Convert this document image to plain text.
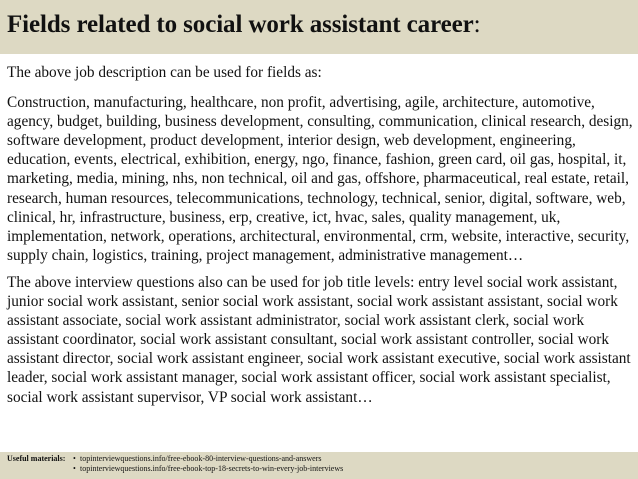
Fields related to social work assistant career:

The above job description can be used for fields as:

Construction, manufacturing, healthcare, non profit, advertising, agile, architecture, automotive, agency, budget, building, business development, consulting, communication, clinical research, design, software development, product development, interior design, web development, engineering, education, events, electrical, exhibition, energy, ngo, finance, fashion, green card, oil gas, hospital, it, marketing, media, mining, nhs, non technical, oil and gas, offshore, pharmaceutical, real estate, retail, research, human resources, telecommunications, technology, technical, senior, digital, software, web, clinical, hr, infrastructure, business, erp, creative, ict, hvac, sales, quality management, uk, implementation, network, operations, architectural, environmental, crm, website, interactive, security, supply chain, logistics, training, project management, administrative management…

The above interview questions also can be used for job title levels: entry level social work assistant, junior social work assistant, senior social work assistant, social work assistant assistant, social work assistant associate, social work assistant administrator, social work assistant clerk, social work assistant coordinator, social work assistant consultant, social work assistant controller, social work assistant director, social work assistant engineer, social work assistant executive, social work assistant leader, social work assistant manager, social work assistant officer, social work assistant specialist, social work assistant supervisor, VP social work assistant…

Useful materials: • topinterviewquestions.info/free-ebook-80-interview-questions-and-answers
• topinterviewquestions.info/free-ebook-top-18-secrets-to-win-every-job-interviews
